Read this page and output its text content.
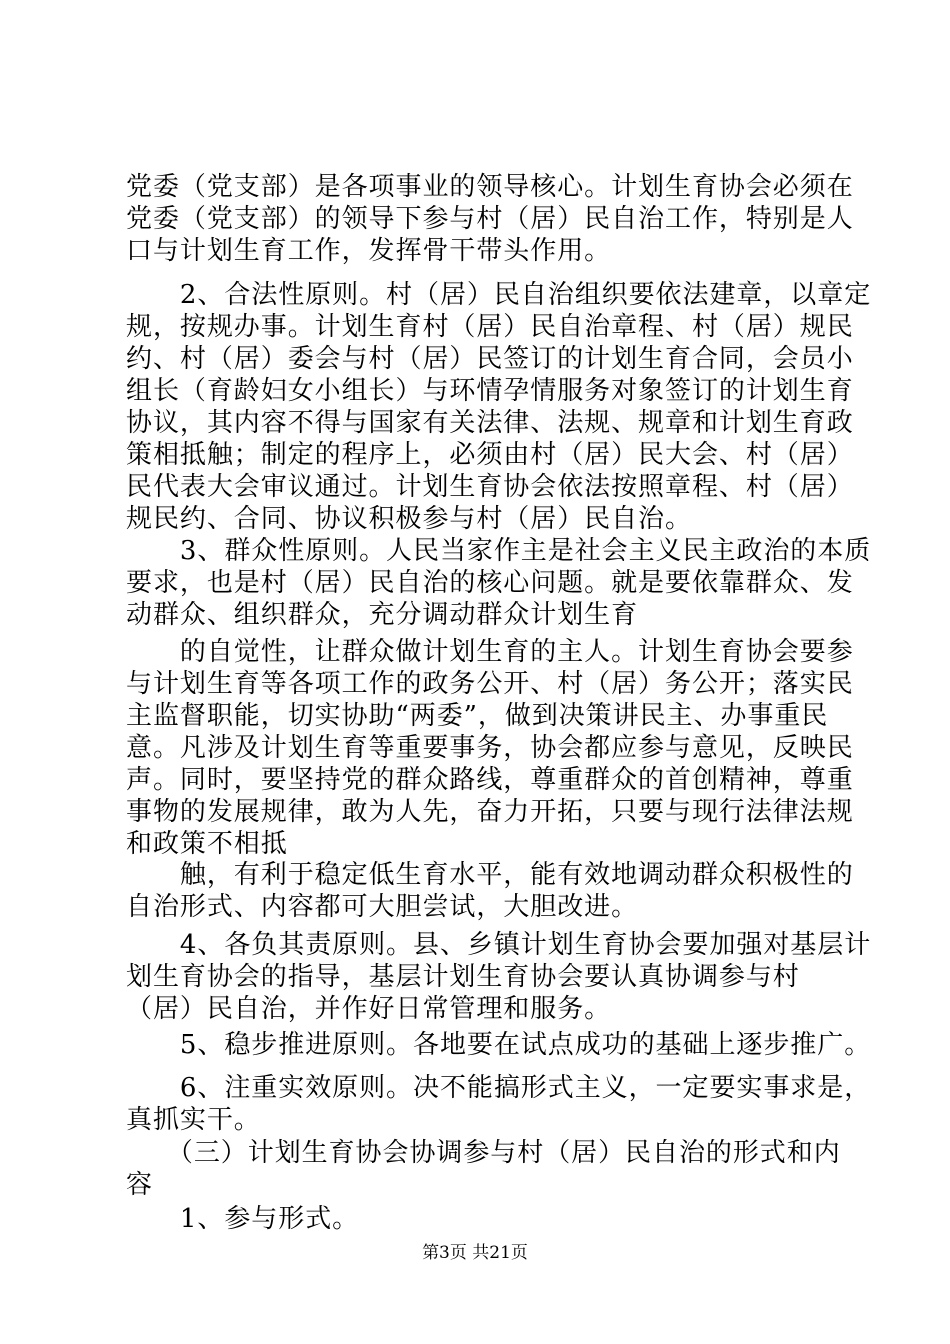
党委（党支部）是各项事业的领导核心。计划生育协会必须在
党委（党支部）的领导下参与村（居）民自治工作，特别是人
口与计划生育工作，发挥骨干带头作用。
　　2、合法性原则。村（居）民自治组织要依法建章，以章定
规，按规办事。计划生育村（居）民自治章程、村（居）规民
约、村（居）委会与村（居）民签订的计划生育合同，会员小
组长（育龄妇女小组长）与环情孕情服务对象签订的计划生育
协议，其内容不得与国家有关法律、法规、规章和计划生育政
策相抵触；制定的程序上，必须由村（居）民大会、村（居）
民代表大会审议通过。计划生育协会依法按照章程、村（居）
规民约、合同、协议积极参与村（居）民自治。
　　3、群众性原则。人民当家作主是社会主义民主政治的本质
要求，也是村（居）民自治的核心问题。就是要依靠群众、发
动群众、组织群众，充分调动群众计划生育
　　的自觉性，让群众做计划生育的主人。计划生育协会要参
与计划生育等各项工作的政务公开、村（居）务公开；落实民
主监督职能，切实协助“两委”，做到决策讲民主、办事重民
意。凡涉及计划生育等重要事务，协会都应参与意见，反映民
声。同时，要坚持党的群众路线，尊重群众的首创精神，尊重
事物的发展规律，敢为人先，奋力开拓，只要与现行法律法规
和政策不相抵
　　触，有利于稳定低生育水平，能有效地调动群众积极性的
自治形式、内容都可大胆尝试，大胆改进。
　　4、各负其责原则。县、乡镇计划生育协会要加强对基层计
划生育协会的指导，基层计划生育协会要认真协调参与村
（居）民自治，并作好日常管理和服务。
　　5、稳步推进原则。各地要在试点成功的基础上逐步推广。
　　6、注重实效原则。决不能搞形式主义，一定要实事求是，
真抓实干。
　　（三）计划生育协会协调参与村（居）民自治的形式和内
容
　　1、参与形式。
第3页 共21页
